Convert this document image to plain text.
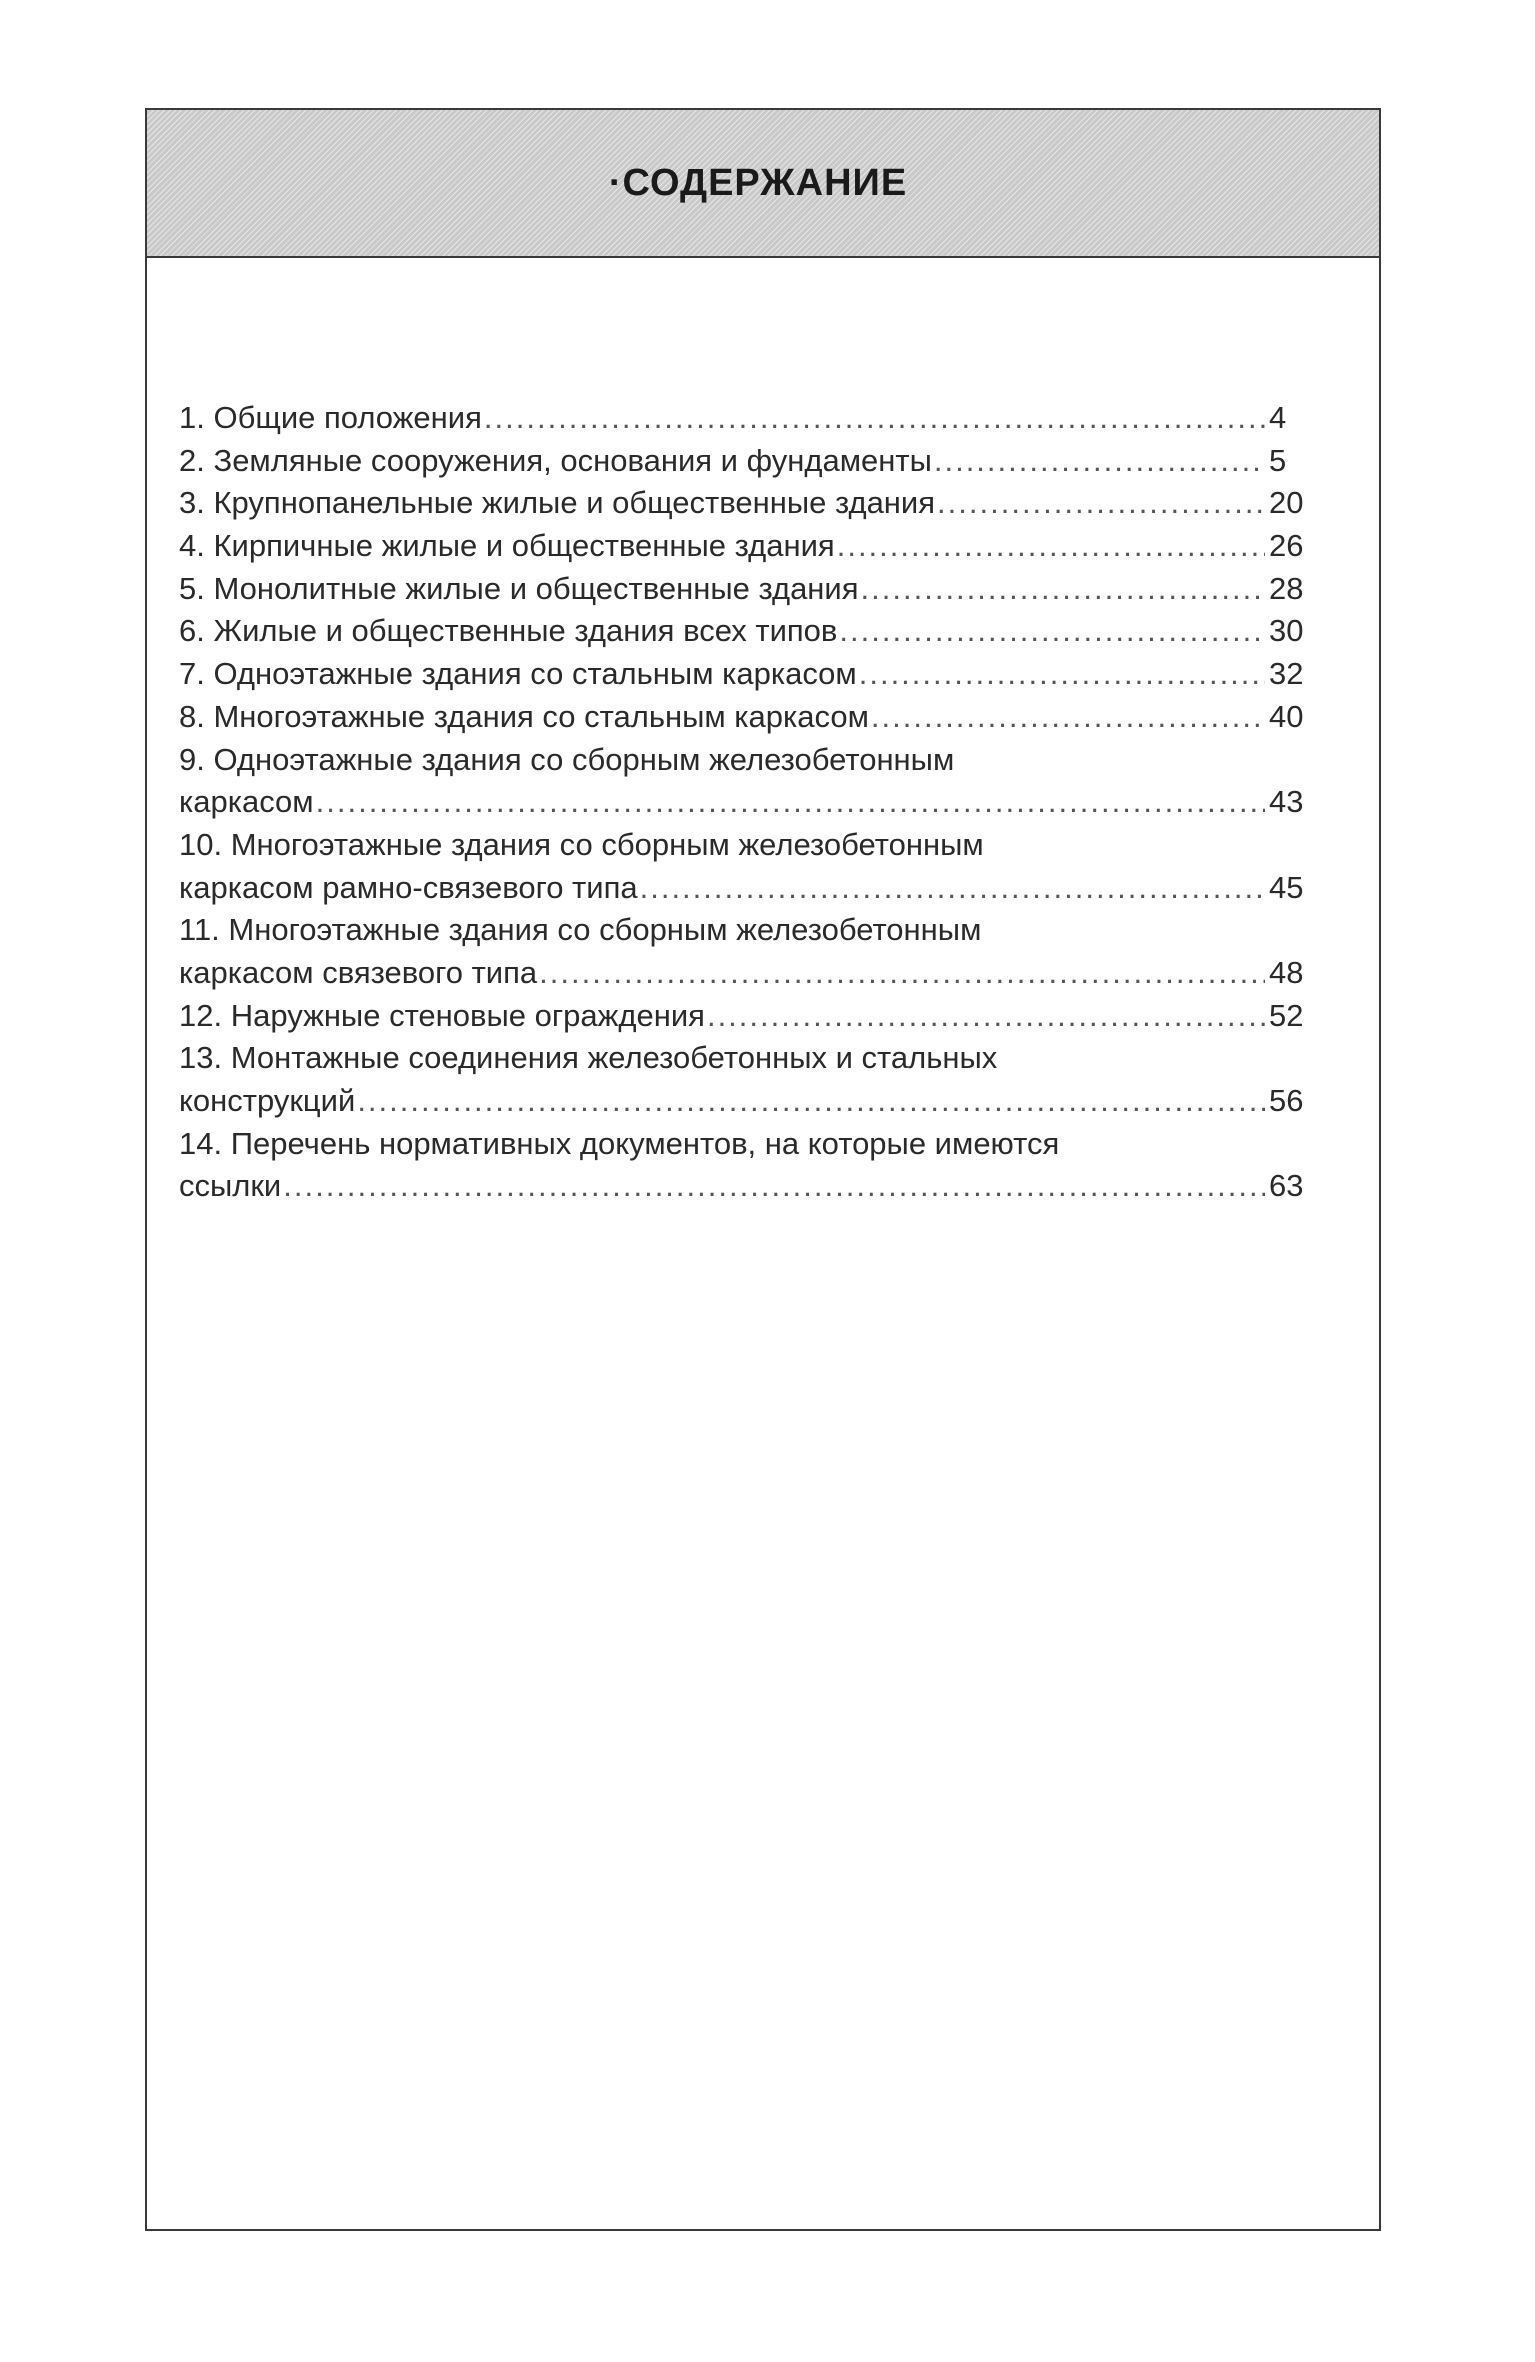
·СОДЕРЖАНИЕ
1. Общие положения .....	4
2. Земляные сооружения, основания и фундаменты .....	5
3. Крупнопанельные жилые и общественные здания .....	20
4. Кирпичные жилые и общественные здания .....	26
5. Монолитные жилые и общественные здания .....	28
6. Жилые и общественные здания всех типов .....	30
7. Одноэтажные здания со стальным каркасом .....	32
8. Многоэтажные здания со стальным каркасом .....	40
9. Одноэтажные здания со сборным железобетонным
каркасом .....	43
10. Многоэтажные здания со сборным железобетонным
каркасом рамно-связевого типа .....	45
11. Многоэтажные здания со сборным железобетонным
каркасом связевого типа .....	48
12. Наружные стеновые ограждения .....	52
13. Монтажные соединения железобетонных и стальных
конструкций .....	56
14. Перечень нормативных документов, на которые имеются
ссылки .....	63
